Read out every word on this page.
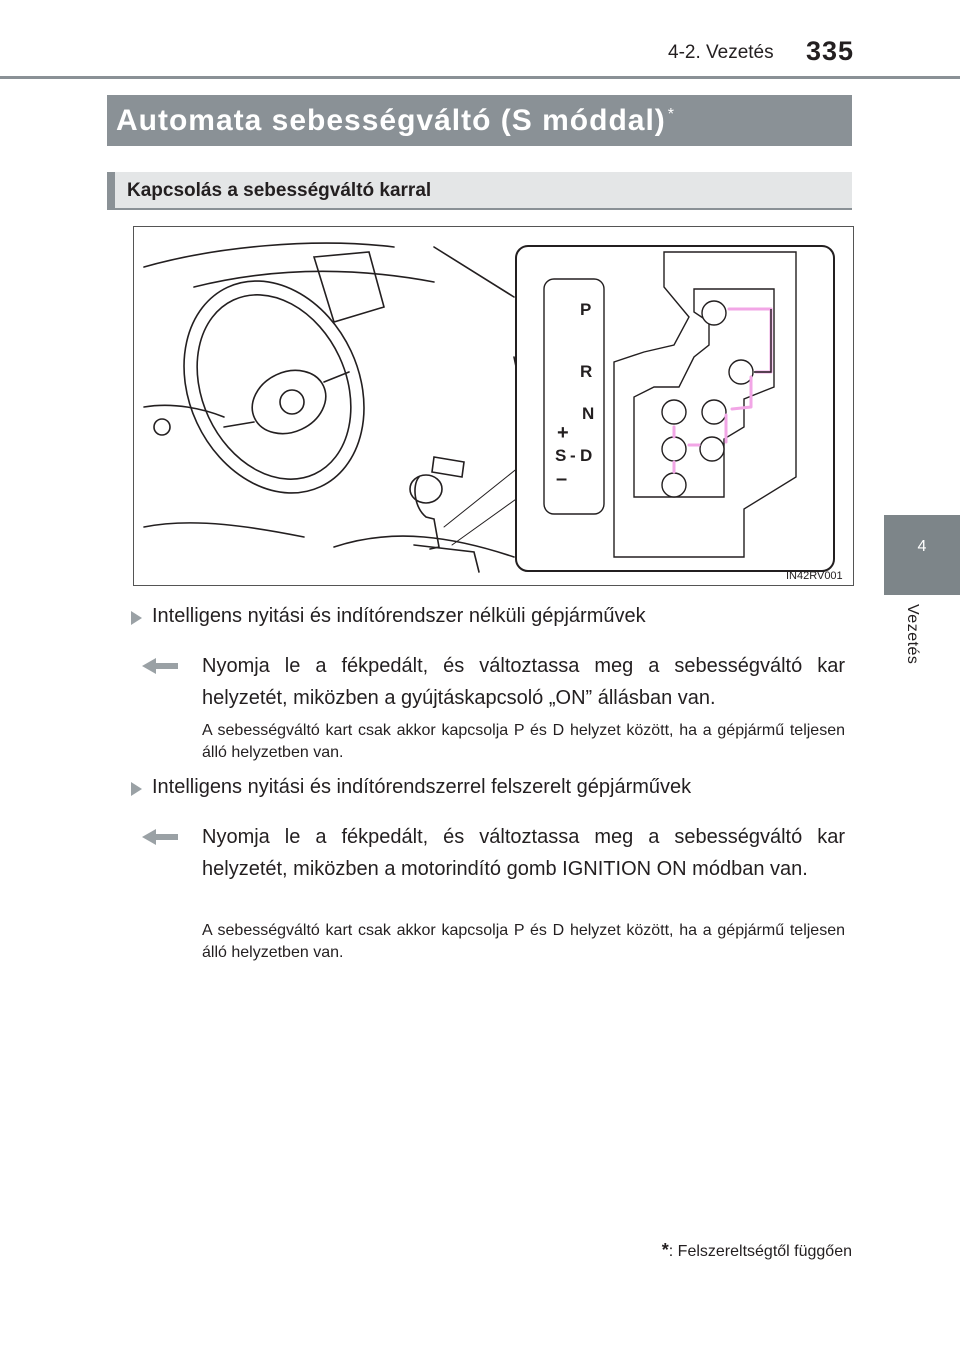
4-2. Vezetés 335
4
Vezetés
Automata sebességváltó (S móddal) *
Kapcsolás a sebességváltó karral
P
R
N
+
S - D
–
IN42RV001
Intelligens nyitási és indítórendszer nélküli gépjárművek
Nyomja le a fékpedált, és változtassa meg a sebességváltó kar helyzetét, miközben a gyújtáskapcsoló „ON” állásban van.
A sebességváltó kart csak akkor kapcsolja P és D helyzet között, ha a gépjármű teljesen álló helyzetben van.
Intelligens nyitási és indítórendszerrel felszerelt gépjárművek
Nyomja le a fékpedált, és változtassa meg a sebességváltó kar helyzetét, miközben a motorindító gomb IGNITION ON módban van.
A sebességváltó kart csak akkor kapcsolja P és D helyzet között, ha a gépjármű teljesen álló helyzetben van.
*: Felszereltségtől függően
